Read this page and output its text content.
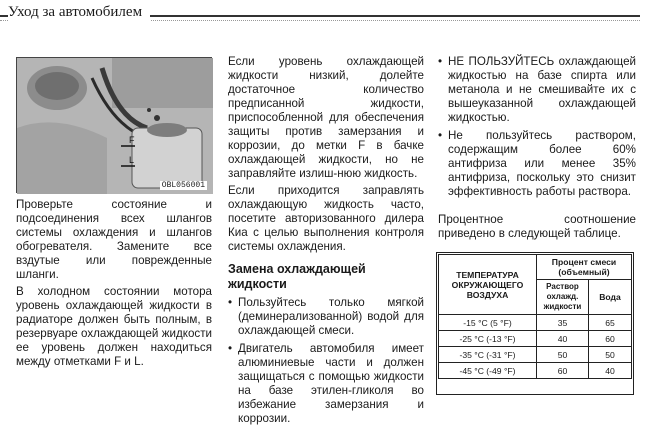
Уход за автомобилем
F
L
OBL056001

Проверьте состояние и подсоединения всех шлангов системы охлаждения и шлангов обогревателя. Замените все вздутые или поврежденные шланги.

В холодном состоянии мотора уровень охлаждающей жидкости в радиаторе должен быть полным, в резервуаре охлаждающей жидкости ее уровень должен находиться между отметками F и L.

Если уровень охлаждающей жидкости низкий, долейте достаточное количество предписанной жидкости, приспособленной для обеспечения защиты против замерзания и коррозии, до метки F в бачке охлаждающей жидкости, но не заправляйте излиш-нюю жидкость.

Если приходится заправлять охлаждающую жидкость часто, посетите авторизованного дилера Киа с целью выполнения контроля системы охлаждения.

Замена охлаждающей жидкости
• Пользуйтесь только мягкой (деминерализованной) водой для охлаждающей смеси.
• Двигатель автомобиля имеет алюминиевые части и должен защищаться с помощью жидкости на базе этилен-гликоля во избежание замерзания и коррозии.
• НЕ ПОЛЬЗУЙТЕСЬ охлаждающей жидкостью на базе спирта или метанола и не смешивайте их с вышеуказанной охлаждающей жидкостью.
• Не пользуйтесь раствором, содержащим более 60% антифриза или менее 35% антифриза, поскольку это снизит эффективность работы раствора.

Процентное соотношение приведено в следующей таблице.

ТЕМПЕРАТУРА ОКРУЖАЮЩЕГО ВОЗДУХА	Процент смеси (объемный)	
	Раствор охлажд. жидкости	Вода
-15 °C (5 °F)	35	65
-25 °C (-13 °F)	40	60
-35 °C (-31 °F)	50	50
-45 °C (-49 °F)	60	40
